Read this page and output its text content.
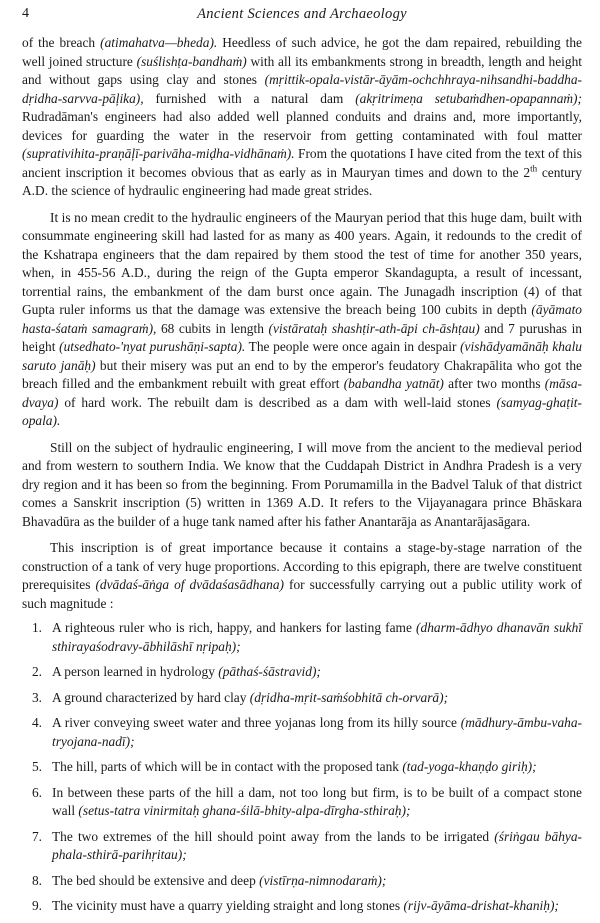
4	Ancient Sciences and Archaeology

of the breach (atimahatva—bheda). Heedless of such advice, he got the dam repaired, rebuilding the well joined structure (suślishṭa-bandhaṁ) with all its embankments strong in breadth, length and height and without gaps using clay and stones (mṛittik-opala-vistār-āyām-ochchhraya-nihsandhi-baddha-dṛidha-sarvva-pāļika), furnished with a natural dam (akṛitrimeṇa setubaṁdhen-opapannaṁ); Rudradāman's engineers had also added well planned conduits and drains and, more importantly, devices for guarding the water in the reservoir from getting contaminated with foul matter (suprativihita-praṇāļī-parivāha-miḍha-vidhānaṁ). From the quotations I have cited from the text of this ancient inscription it becomes obvious that as early as in Mauryan times and down to the 2th century A.D. the science of hydraulic engineering had made great strides.

It is no mean credit to the hydraulic engineers of the Mauryan period that this huge dam, built with consummate engineering skill had lasted for as many as 400 years. Again, it redounds to the credit of the Kshatrapa engineers that the dam repaired by them stood the test of time for another 350 years, when, in 455-56 A.D., during the reign of the Gupta emperor Skandagupta, a result of incessant, torrential rains, the embankment of the dam burst once again. The Junagadh inscription (4) of that Gupta ruler informs us that the damage was extensive the breach being 100 cubits in depth (āyāmato hasta-śataṁ samagraṁ), 68 cubits in length (vistārataḥ shashṭir-ath-āpi ch-āshṭau) and 7 purushas in height (utsedhato-'nyat purushāṇi-sapta). The people were once again in despair (vishādyamānāḥ khalu saruto janāḥ) but their misery was put an end to by the emperor's feudatory Chakrapālita who got the breach filled and the embankment rebuilt with great effort (babandha yatnāt) after two months (māsa-dvaya) of hard work. The rebuilt dam is described as a dam with well-laid stones (samyag-ghaṭit-opala).

Still on the subject of hydraulic engineering, I will move from the ancient to the medieval period and from western to southern India. We know that the Cuddapah District in Andhra Pradesh is a very dry region and it has been so from the beginning. From Porumamilla in the Badvel Taluk of that district comes a Sanskrit inscription (5) written in 1369 A.D. It refers to the Vijayanagara prince Bhāskara Bhavadūra as the builder of a huge tank named after his father Anantarāja as Anantarājasāgara.

This inscription is of great importance because it contains a stage-by-stage narration of the construction of a tank of very huge proportions. According to this epigraph, there are twelve constituent prerequisites (dvādaś-āṅga of dvādaśasādhana) for successfully carrying out a public utility work of such magnitude :

1. A righteous ruler who is rich, happy, and hankers for lasting fame (dharm-ādhyo dhanavān sukhī sthirayaśodravy-ābhilāshī nṛipaḥ);
2. A person learned in hydrology (pāthaś-śāstravid);
3. A ground characterized by hard clay (dṛidha-mṛit-saṁśobhitā ch-orvarā);
4. A river conveying sweet water and three yojanas long from its hilly source (mādhury-āmbu-vaha-tryojana-nadī);
5. The hill, parts of which will be in contact with the proposed tank (tad-yoga-khaṇḍo giriḥ);
6. In between these parts of the hill a dam, not too long but firm, is to be built of a compact stone wall (setus-tatra vinirmitaḥ ghana-śilā-bhity-alpa-dīrgha-sthiraḥ);
7. The two extremes of the hill should point away from the lands to be irrigated (śriṅgau bāhya-phala-sthirā-parihṛitau);
8. The bed should be extensive and deep (vistīrṇa-nimnodaraṁ);
9. The vicinity must have a quarry yielding straight and long stones (rijv-āyāma-drishat-khaniḥ);
